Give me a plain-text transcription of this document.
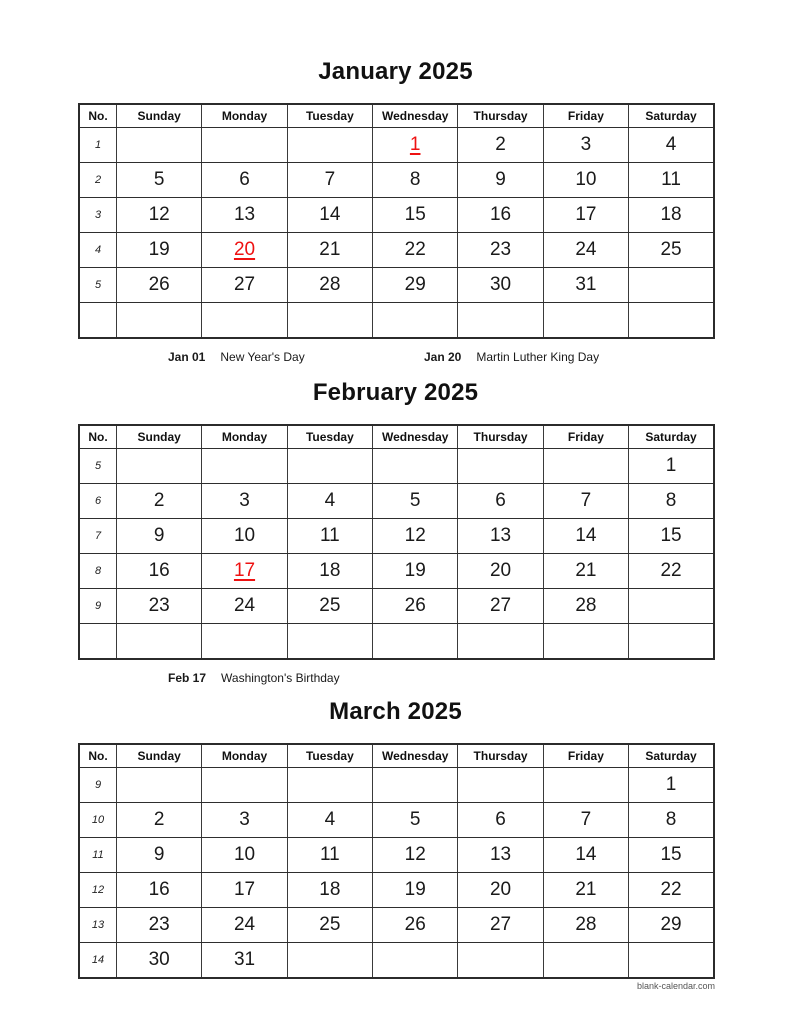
January 2025
No.	Sunday	Monday	Tuesday	Wednesday	Thursday	Friday	Saturday
1				1	2	3	4
2	5	6	7	8	9	10	11
3	12	13	14	15	16	17	18
4	19	20	21	22	23	24	25
5	26	27	28	29	30	31	

Jan 01 New Year's Day	Jan 20 Martin Luther King Day
February 2025
No.	Sunday	Monday	Tuesday	Wednesday	Thursday	Friday	Saturday
5							1
6	2	3	4	5	6	7	8
7	9	10	11	12	13	14	15
8	16	17	18	19	20	21	22
9	23	24	25	26	27	28	

Feb 17 Washington's Birthday
March 2025
No.	Sunday	Monday	Tuesday	Wednesday	Thursday	Friday	Saturday
9							1
10	2	3	4	5	6	7	8
11	9	10	11	12	13	14	15
12	16	17	18	19	20	21	22
13	23	24	25	26	27	28	29
14	30	31					
blank-calendar.com
